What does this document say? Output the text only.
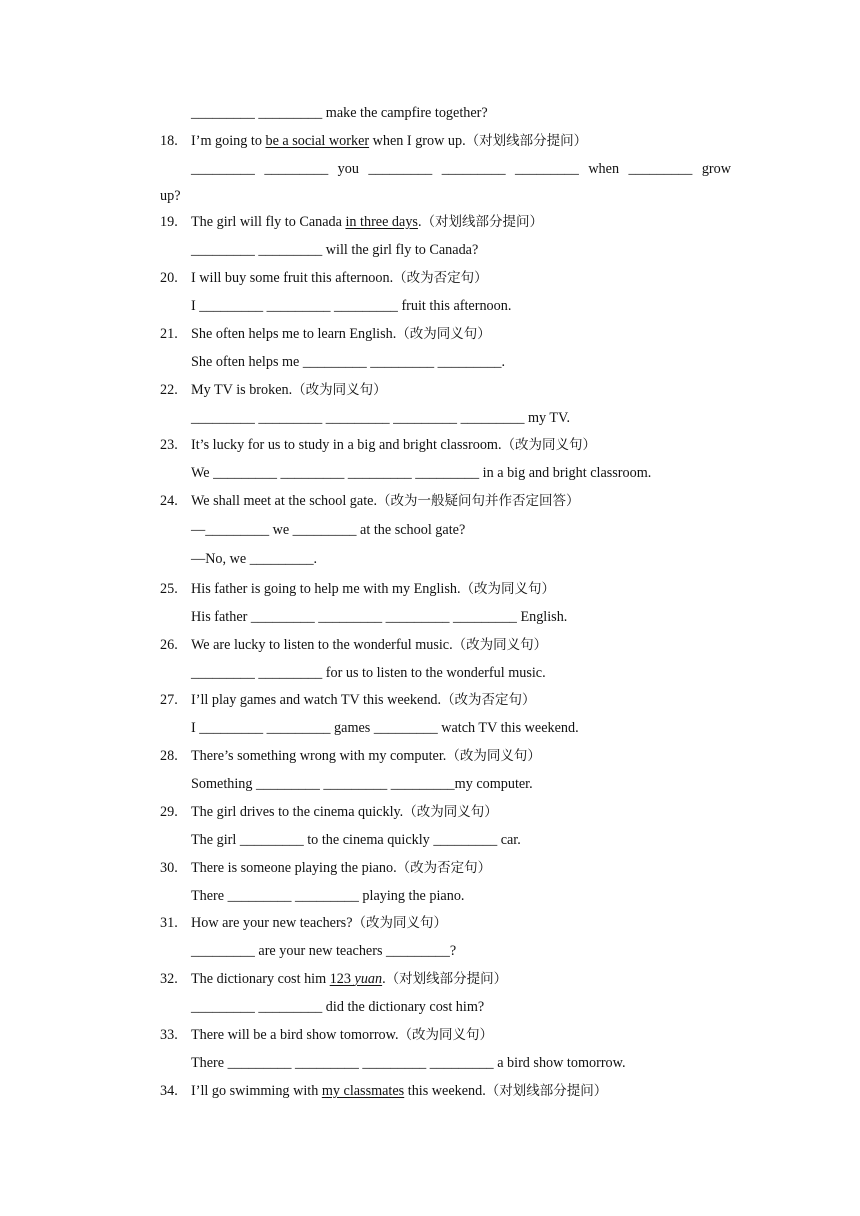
_________ _________ make the campfire together?
18. I’m going to be a social worker when I grow up.（对划线部分提问）
_________ _________ you _________ _________ _________ when _________ grow
up?
19. The girl will fly to Canada in three days.（对划线部分提问）
_________ _________ will the girl fly to Canada?
20. I will buy some fruit this afternoon.（改为否定句）
I _________ _________ _________ fruit this afternoon.
21. She often helps me to learn English.（改为同义句）
She often helps me _________ _________ _________.
22. My TV is broken.（改为同义句）
_________ _________ _________ _________ _________ my TV.
23. It’s lucky for us to study in a big and bright classroom.（改为同义句）
We _________ _________ _________ _________ in a big and bright classroom.
24. We shall meet at the school gate.（改为一般疑问句并作否定回答）
—_________ we _________ at the school gate?
—No, we _________.
25. His father is going to help me with my English.（改为同义句）
His father _________ _________ _________ _________ English.
26. We are lucky to listen to the wonderful music.（改为同义句）
_________ _________ for us to listen to the wonderful music.
27. I’ll play games and watch TV this weekend.（改为否定句）
I _________ _________ games _________ watch TV this weekend.
28. There’s something wrong with my computer.（改为同义句）
Something _________ _________ _________my computer.
29. The girl drives to the cinema quickly.（改为同义句）
The girl _________ to the cinema quickly _________ car.
30. There is someone playing the piano.（改为否定句）
There _________ _________ playing the piano.
31. How are your new teachers?（改为同义句）
_________ are your new teachers _________?
32. The dictionary cost him 123 yuan.（对划线部分提问）
_________ _________ did the dictionary cost him?
33. There will be a bird show tomorrow.（改为同义句）
There _________ _________ _________ _________ a bird show tomorrow.
34. I’ll go swimming with my classmates this weekend.（对划线部分提问）
